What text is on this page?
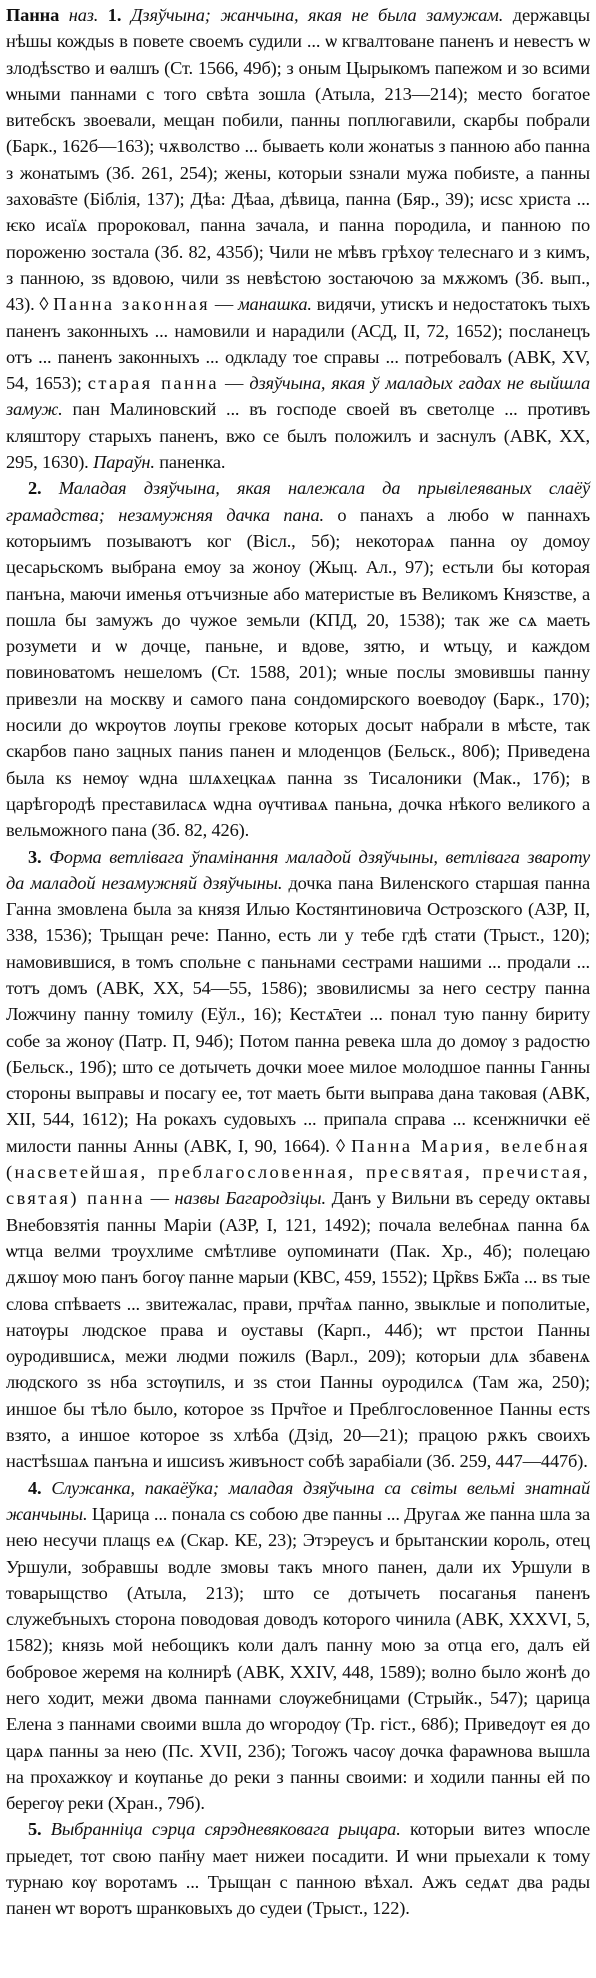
Панна наз. 1. Дзяўчына; жанчына, якая не была замужам. державцы нѣшы кождыѕ в повете своемъ судили ... ѡ кгвалтоване паненъ и невестъ ѡ злодѣѕство и ѳалшъ (Ст. 1566, 49б); з оным Цырыкомъ папежом и зо всими ѡными паннами с того свѣта зошла (Атыла, 213—214); место богатое витебскъ звоевали, мещан побили, панны поплюгавили, скарбы побрали (Барк., 162б—163); чѫволство ... бываеть коли жонатыѕ з панною або панна з жонатымъ (Зб. 261, 254); жены, которыи ѕзнали мужа побиѕте, а панны захова̄ѕте (Біблія, 137); Дѣа: Дѣаа, дѣвица, панна (Бяр., 39); исѕс христа ... ѥко исаїѧ пророковал, панна зачала, и панна породила, и панною по пороженю зостала (Зб. 82, 435б); Чили не мѣвъ грѣхѹ телеснаго и з кимъ, з панною, зѕ вдовою, чили зѕ невѣстою зостаючою за мѫжомъ (Зб. вып., 43). ◊ Панна законная — манашка. видячи, утискъ и недостатокъ тыхъ паненъ законныхъ ... намовили и нарадили (АСД, II, 72, 1652); посланецъ отъ ... паненъ законныхъ ... одкладу тое справы ... потребовалъ (АВК, XV, 54, 1653); старая панна — дзяўчына, якая ў маладых гадах не выйшла замуж. пан Малиновский ... въ господе своей въ светолце ... противъ кляштору старыхъ паненъ, вжо се былъ положилъ и заснулъ (АВК, XX, 295, 1630). Параўн. паненка.

2. Маладая дзяўчына, якая належала да прывілеяваных слаёў грамадства; незамужняя дачка пана. о панахъ а любо ѡ паннахъ которыимъ позываютъ ког (Вісл., 5б); некотораѧ панна оу домоу цесарьскомъ выбрана емоу за жоноу (Жыц. Ал., 97); естьли бы которая панъна, маючи именья отъчизные або материстые въ Великомъ Князстве, а пошла бы замужъ до чужое земьли (КПД, 20, 1538); так же сѧ маеть розумети и ѡ дочце, паньне, и вдове, зятю, и ѡтьцу, и каждом повиноватомъ нешеломъ (Ст. 1588, 201); ѡные послы змовившы панну привезли на москву и самого пана сондомирского воеводѹ (Барк., 170); носили до ѡкрѹтов лѹпы грекове которых досыт набрали в мѣсте, так скарбов пано зацных паниѕ панен и млоденцов (Бельск., 80б); Приведена была кѕ немѹ ѡдна шлѧхецкаѧ панна зѕ Тисалоники (Мак., 17б); в царѣгородѣ преставиласѧ ѡдна ѹчтиваѧ паньна, дочка нѣкого великого а вельможного пана (Зб. 82, 426).

3. Форма ветлівага ўпамінання маладой дзяўчыны, ветлівага звароту да маладой незамужняй дзяўчыны. дочка пана Виленского старшая панна Ганна змовлена была за князя Илью Костянтиновича Острозского (АЗР, II, 338, 1536); Трыщан рече: Панно, есть ли у тебе гдѣ стати (Трыст., 120); намовившися, в томъ спольне с паньнами сестрами нашими ... продали ... тотъ домъ (АВК, XX, 54—55, 1586); звовилисмы за него сестру панна Ложчину панну томилу (Еўл., 16); Кестѧ̄теи ... понал тую панну бириту собе за жонѹ (Патр. П, 94б); Потом панна ревека шла до домѹ з радостю (Бельск., 19б); што се дотычеть дочки моее милое молодшое панны Ганны стороны выправы и посагу ее, тот маеть быти выправа дана таковая (АВК, XII, 544, 1612); На рокахъ судовыхъ ... припала справа ... ксенжнички её милости панны Анны (АВК, I, 90, 1664). ◊ Панна Мария, велебная (насветейшая, преблагословенная, пресвятая, пречистая, святая) панна — назвы Багародзіцы. Данъ у Вильни въ середу октавы Внебовзятія панны Маріи (АЗР, I, 121, 1492); почала велебнаѧ панна бѧ ѡтца велми троухлиме смѣтливе оупоминати (Пак. Хр., 4б); полецаю дѫшѹ мою панъ богѹ панне марыи (КВС, 459, 1552); Цр̃квѕ Бж҃їа ... вѕ тые слова спѣваетѕ ... звитежалас, прави, прч̃таѧ панно, звыклые и пополитые, натѹры людское права и оуставы (Карп., 44б); ѡт прстои Панны оуродившисѧ, межи людми пожилѕ (Варл., 209); которыи длѧ збавенѧ людского зѕ нба зстѹпилѕ, и зѕ стои Панны оуродилсѧ (Там жа, 250); иншое бы тѣло было, которое зѕ Прч̃тое и Преблгословенное Панны естѕ взято, а иншое которое зѕ хлѣба (Дзід, 20—21); працою рѫкъ своихъ настѣѕшаѧ панъна и ишсиѕъ живъност собѣ зарабiали (Зб. 259, 447—447б).

4. Служанка, пакаёўка; маладая дзяўчына са світы вельмі знатнай жанчыны. Царица ... понала сѕ собою две панны ... Другаѧ же панна шла за нею несучи плащѕ еѧ (Скар. КЕ, 23); Этэреусъ и брытанскии король, отец Уршули, зобравшы водле змовы такъ много панен, дали их Уршули в товарыщство (Атыла, 213); што се дотычеть посаганья паненъ служебъныхъ сторона поводовая доводъ которого чинила (АВК, XXXVI, 5, 1582); князь мой небощикъ коли далъ панну мою за отца его, далъ ей бобровое жеремя на колнирѣ (АВК, XXIV, 448, 1589); волно было жонѣ до него ходит, межи двома паннами слѹжебницами (Стрыйк., 547); царица Елена з паннами своими вшла до ѡгородѹ (Тр. гіст., 68б); Приведѹт ея до царѧ панны за нею (Пс. XVII, 23б); Тогожъ часѹ дочка фараѡнова вышла на прохажкѹ и кѹпанье до реки з панны своими: и ходили панны ей по берегѹ реки (Хран., 79б).

5. Выбранніца сэрца сярэдневяковага рыцара. которыи витез ѡпосле прыедет, тот свою пан҃ну мает нижеи посадити. И ѡни прыехали к тому турнаю кѹ воротамъ ... Трыщан с панною вѣхал. Ажъ седѧт два рады панен ѡт воротъ шранковыхъ до судеи (Трыст., 122).
